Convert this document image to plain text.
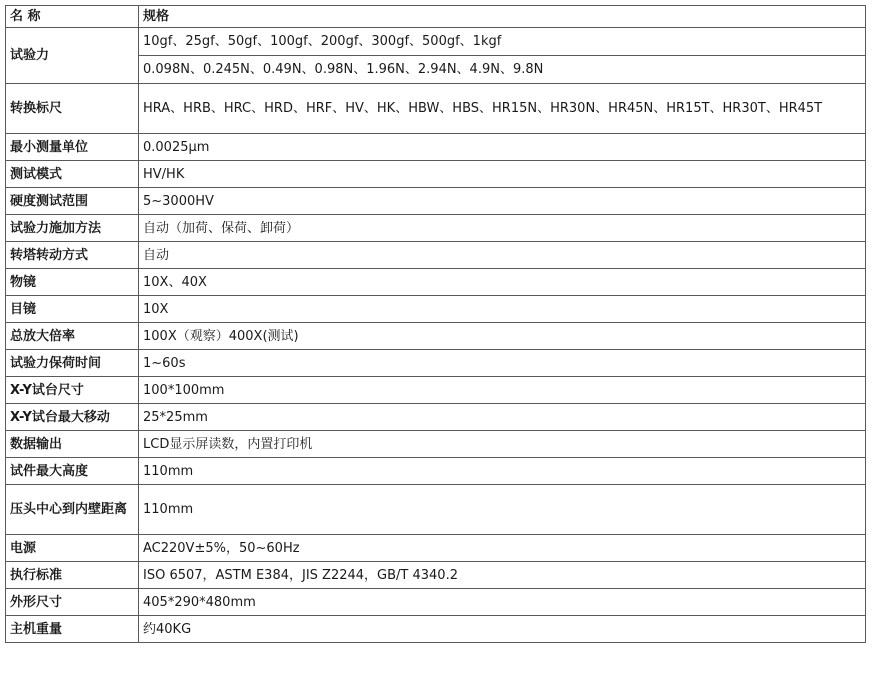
名 称	规格
试验力	10gf、25gf、50gf、100gf、200gf、300gf、500gf、1kgf
	0.098N、0.245N、0.49N、0.98N、1.96N、2.94N、4.9N、9.8N
转换标尺	HRA、HRB、HRC、HRD、HRF、HV、HK、HBW、HBS、HR15N、HR30N、HR45N、HR15T、HR30T、HR45T
最小测量单位	0.0025μm
测试模式	HV/HK
硬度测试范围	5~3000HV
试验力施加方法	自动（加荷、保荷、卸荷）
转塔转动方式	自动
物镜	10X、40X
目镜	10X
总放大倍率	100X（观察）400X(测试)
试验力保荷时间	1~60s
X-Y试台尺寸	100*100mm
X-Y试台最大移动	25*25mm
数据输出	LCD显示屏读数，内置打印机
试件最大高度	110mm
压头中心到内壁距离	110mm
电源	AC220V±5%，50~60Hz
执行标准	ISO 6507，ASTM E384，JIS Z2244，GB/T 4340.2
外形尺寸	405*290*480mm
主机重量	约40KG
